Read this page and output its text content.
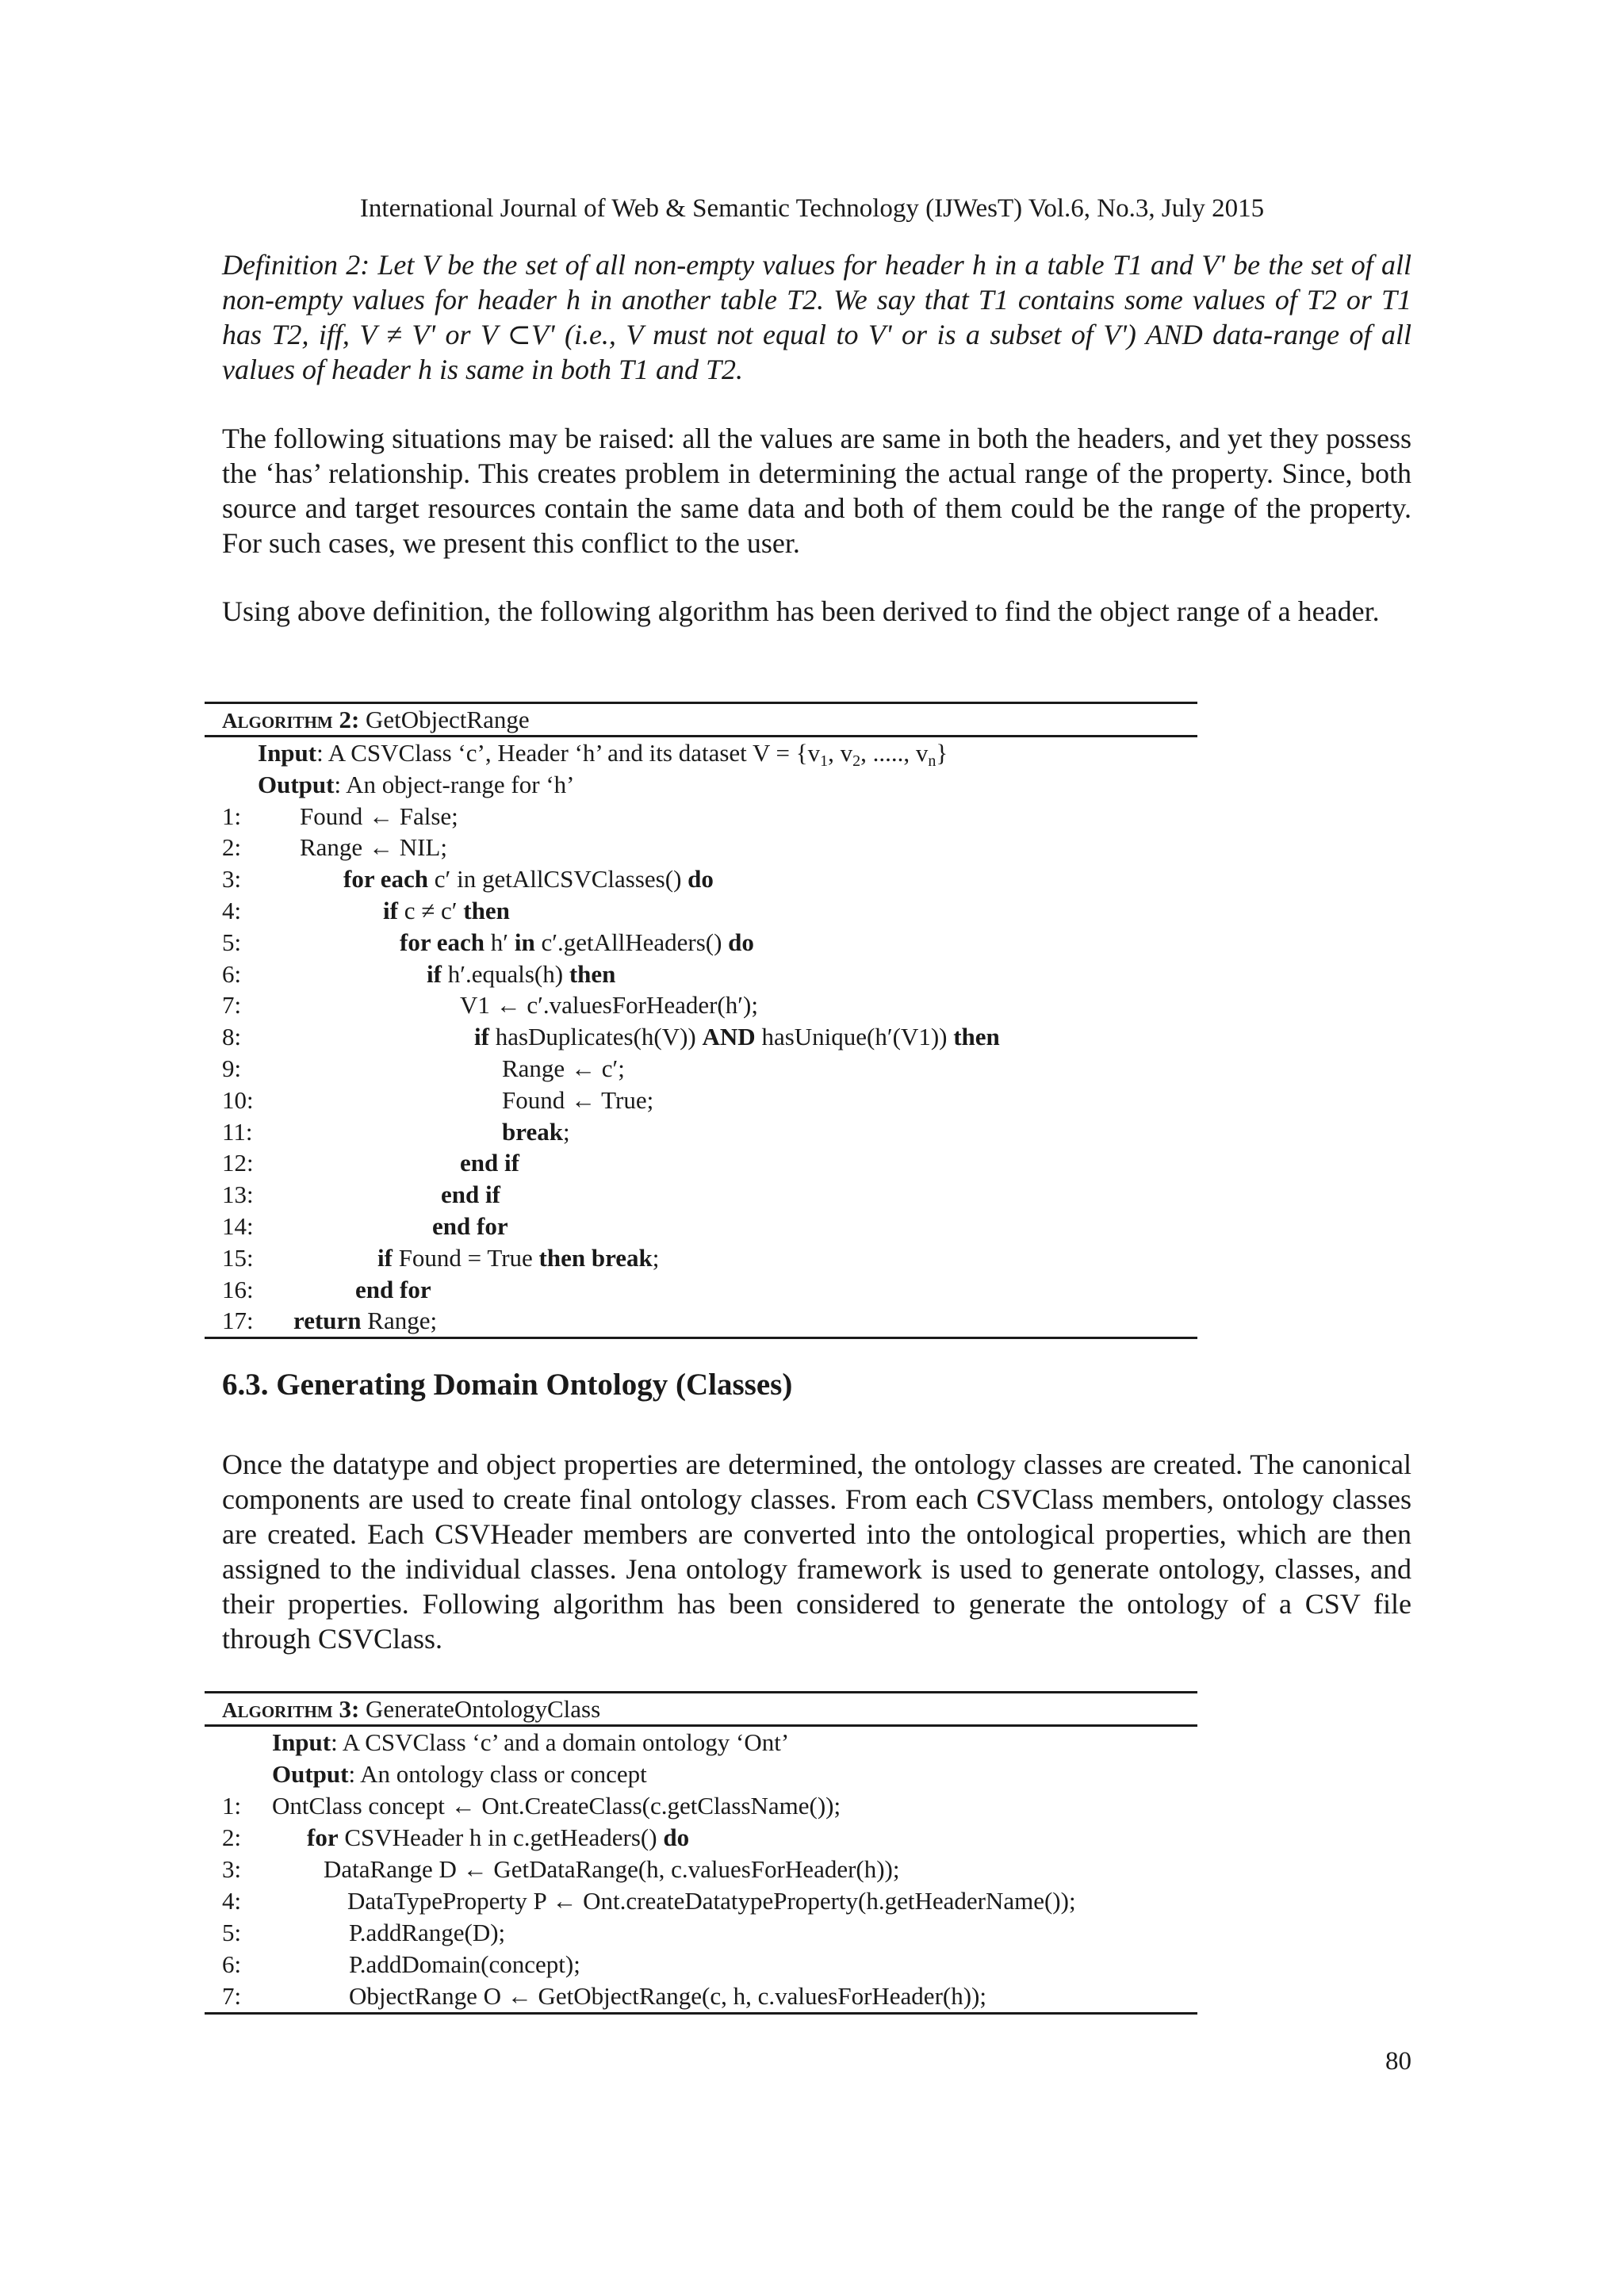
International Journal of Web & Semantic Technology (IJWesT) Vol.6, No.3, July 2015

Definition 2: Let V be the set of all non-empty values for header h in a table T1 and V' be the set of all non-empty values for header h in another table T2. We say that T1 contains some values of T2 or T1 has T2, iff, V ≠ V' or V ⊂V' (i.e., V must not equal to V' or is a subset of V') AND data-range of all values of header h is same in both T1 and T2.

The following situations may be raised: all the values are same in both the headers, and yet they possess the ‘has’ relationship. This creates problem in determining the actual range of the property. Since, both source and target resources contain the same data and both of them could be the range of the property. For such cases, we present this conflict to the user.

Using above definition, the following algorithm has been derived to find the object range of a header.

ALGORITHM 2: GetObjectRange
Input: A CSVClass ‘c’, Header ‘h’ and its dataset $V = \{v_1$, $v_2$, ....., $v_n$}
Output: An object-range for ‘h’
1: Found ← False;
2: Range ← NIL;
3:	for each c′ in getAllCSVClasses() do
4:	if c ≠ c′ then
5:	for each h′ in c′.getAllHeaders() do
6:	if h′.equals(h) then
7:	V1 ← c′.valuesForHeader(h′);
8:	if hasDuplicates(h(V)) AND hasUnique(h′(V1)) then
9:	Range ← c′;
10:	Found ← True;
11:	break;
12:	end if
13:	end if
14:	end for
15:	if Found = True then break;
16:	end for
17: return Range;
6.3. Generating Domain Ontology (Classes)

Once the datatype and object properties are determined, the ontology classes are created. The canonical components are used to create final ontology classes. From each CSVClass members, ontology classes are created. Each CSVHeader members are converted into the ontological properties, which are then assigned to the individual classes. Jena ontology framework is used to generate ontology, classes, and their properties. Following algorithm has been considered to generate the ontology of a CSV file through CSVClass.

ALGORITHM 3: GenerateOntologyClass
Input: A CSVClass ‘c’ and a domain ontology ‘Ont’
Output: An ontology class or concept
1: OntClass concept ← Ont.CreateClass(c.getClassName());
2:	for CSVHeader h in c.getHeaders() do
3:	DataRange D ← GetDataRange(h, c.valuesForHeader(h));
4:	DataTypeProperty P ← Ont.createDatatypeProperty(h.getHeaderName());
5:	P.addRange(D);
6:	P.addDomain(concept);
7:	ObjectRange O ← GetObjectRange(c, h, c.valuesForHeader(h));
80
